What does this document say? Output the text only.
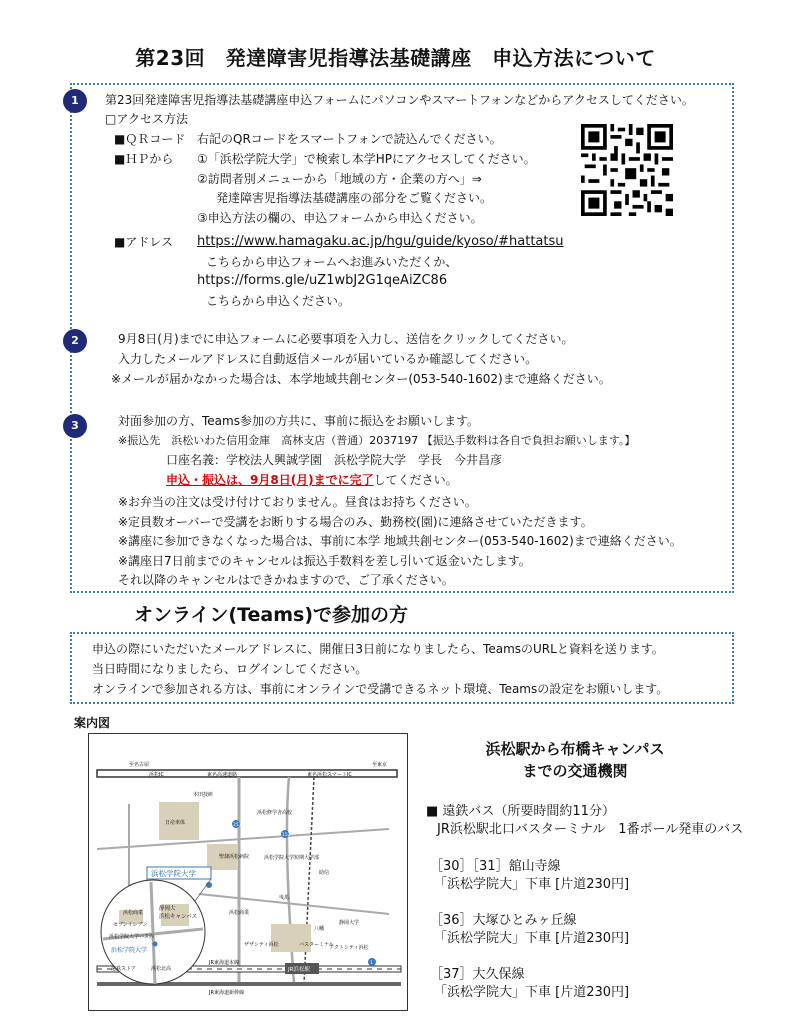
第23回　発達障害児指導法基礎講座　申込方法について
1	第23回発達障害児指導法基礎講座申込フォームにパソコンやスマートフォンなどからアクセスしてください。

□アクセス方法

■ＱＲコード 右記のQRコードをスマートフォンで読込んでください。

■ＨＰから ①「浜松学院大学」で検索し本学HPにアクセスしてください。

②訪問者別メニューから「地域の方・企業の方へ」⇒

発達障害児指導法基礎講座の部分をご覧ください。

③申込方法の欄の、申込フォームから申込ください。

■アドレス https://www.hamagaku.ac.jp/hgu/guide/kyoso/#hattatsu

こちらから申込フォームへお進みいただくか、

https://forms.gle/uZ1wbJ2G1qeAiZC86

こちらから申込ください。

2	9月8日(月)までに申込フォームに必要事項を入力し、送信をクリックしてください。

入力したメールアドレスに自動返信メールが届いているか確認してください。

※メールが届かなかった場合は、本学地域共創センター(053-540-1602)まで連絡ください。

3	対面参加の方、Teams参加の方共に、事前に振込をお願いします。

※振込先　浜松いわた信用金庫　高林支店（普通）2037197 【振込手数料は各自で負担お願いします。】

口座名義：学校法人興誠学園　浜松学院大学　学長　今井昌彦

申込・振込は、9月8日(月)までに完了してください。

※お弁当の注文は受け付けておりません。昼食はお持ちください。

※定員数オーバーで受講をお断りする場合のみ、勤務校(園)に連絡させていただきます。

※講座に参加できなくなった場合は、事前に本学 地域共創センター(053-540-1602)まで連絡ください。

※講座日7日前までのキャンセルは振込手数料を差し引いて返金いたします。

それ以降のキャンセルはできかねますので、ご了承ください。

オンライン(Teams)で参加の方

申込の際にいただいたメールアドレスに、開催日3日前になりましたら、TeamsのURLと資料を送ります。

当日時間になりましたら、ログインしてください。

オンラインで参加される方は、事前にオンラインで受講できるネット環境、Teamsの設定をお願いします。

案内図

至名古屋	至東京
浜松IC	東名高速道路	東名浜松スマートIC
JR浜松駅
JR東海道本線
JR東海道新幹線
本田技研
日産車体
浜松修学舎高校
聖隷浜松病院	浜松学院大学短期大学部
ザザシティ浜松	アクトシティ浜松
バスターミナル
曳馬
八幡
助信
静岡大学
浜松商業
257
152
1
浜松学院大学
静岡大
浜松キャンパス
セブンイレブン
浜松学院大学バス停
浜松学院大学
遠鉄ストア	浜松北高
浜松商業

浜松駅から布橋キャンパス
までの交通機関

■ 遠鉄バス（所要時間約11分）

JR浜松駅北口バスターミナル　1番ポール発車のバス

［30］［31］舘山寺線

「浜松学院大」下車 [片道230円]

［36］大塚ひとみヶ丘線

「浜松学院大」下車 [片道230円]

［37］大久保線

「浜松学院大」下車 [片道230円]
